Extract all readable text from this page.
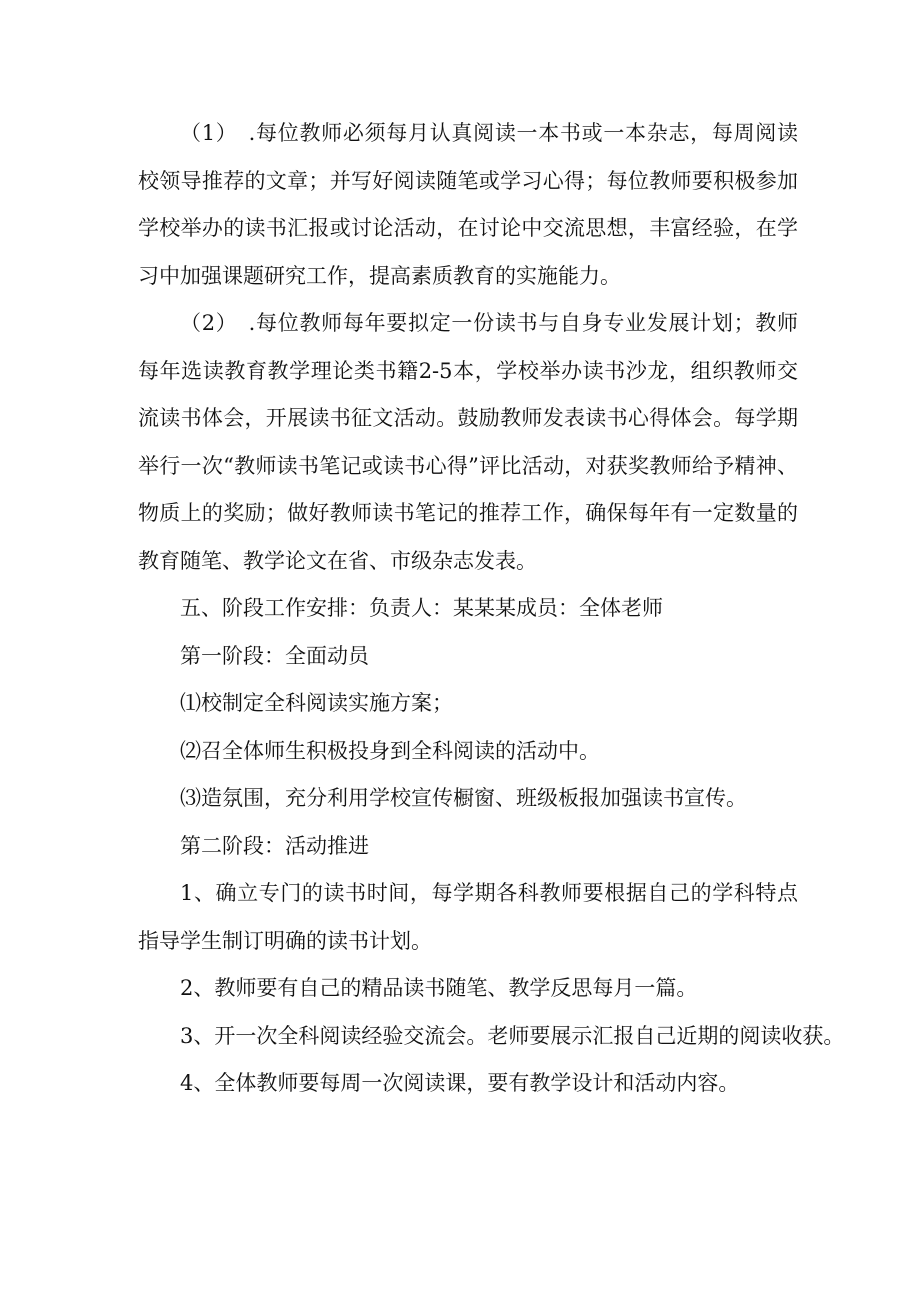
（1）　.每位教师必须每月认真阅读一本书或一本杂志，每周阅读校领导推荐的文章；并写好阅读随笔或学习心得；每位教师要积极参加学校举办的读书汇报或讨论活动，在讨论中交流思想，丰富经验，在学习中加强课题研究工作，提高素质教育的实施能力。

（2）　.每位教师每年要拟定一份读书与自身专业发展计划；教师每年选读教育教学理论类书籍2-5本，学校举办读书沙龙，组织教师交流读书体会，开展读书征文活动。鼓励教师发表读书心得体会。每学期举行一次“教师读书笔记或读书心得”评比活动，对获奖教师给予精神、物质上的奖励；做好教师读书笔记的推荐工作，确保每年有一定数量的教育随笔、教学论文在省、市级杂志发表。

五、阶段工作安排：负责人：某某某成员：全体老师

第一阶段：全面动员

⑴校制定全科阅读实施方案；

⑵召全体师生积极投身到全科阅读的活动中。

⑶造氛围，充分利用学校宣传橱窗、班级板报加强读书宣传。

第二阶段：活动推进

1、确立专门的读书时间，每学期各科教师要根据自己的学科特点指导学生制订明确的读书计划。

2、教师要有自己的精品读书随笔、教学反思每月一篇。

3、开一次全科阅读经验交流会。老师要展示汇报自己近期的阅读收获。

4、全体教师要每周一次阅读课，要有教学设计和活动内容。
